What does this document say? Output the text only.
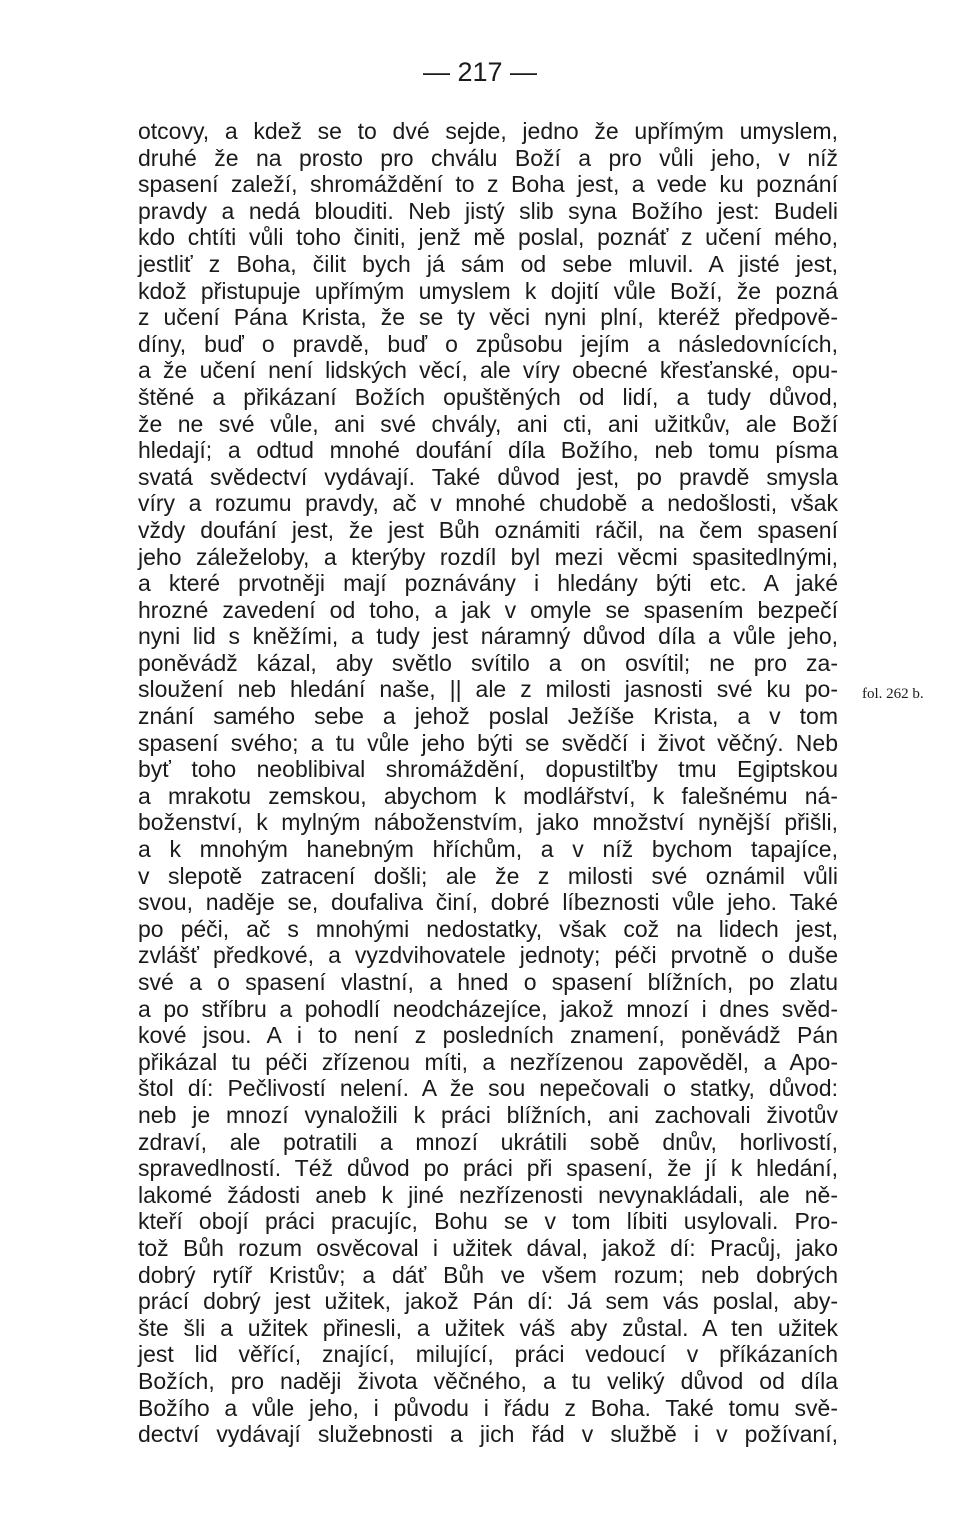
— 217 —
otcovy, a kdež se to dvé sejde, jedno že upřímým umyslem,
druhé že na prosto pro chválu Boží a pro vůli jeho, v níž
spasení zaleží, shromáždění to z Boha jest, a vede ku poznání
pravdy a nedá blouditi. Neb jistý slib syna Božího jest: Budeli
kdo chtíti vůli toho činiti, jenž mě poslal, poznáť z učení mého,
jestliť z Boha, čilit bych já sám od sebe mluvil. A jisté jest,
kdož přistupuje upřímým umyslem k dojití vůle Boží, že pozná
z učení Pána Krista, že se ty věci nyni plní, kteréž předpově-
díny, buď o pravdě, buď o způsobu jejím a následovnících,
a že učení není lidských věcí, ale víry obecné křesťanské, opu-
štěné a přikázaní Božích opuštěných od lidí, a tudy důvod,
že ne své vůle, ani své chvály, ani cti, ani užitkův, ale Boží
hledají; a odtud mnohé doufání díla Božího, neb tomu písma
svatá svědectví vydávají. Také důvod jest, po pravdě smysla
víry a rozumu pravdy, ač v mnohé chudobě a nedošlosti, však
vždy doufání jest, že jest Bůh oznámiti ráčil, na čem spasení
jeho záleželoby, a kterýby rozdíl byl mezi věcmi spasitedlnými,
a které prvotněji mají poznávány i hledány býti etc. A jaké
hrozné zavedení od toho, a jak v omyle se spasením bezpečí
nyni lid s kněžími, a tudy jest náramný důvod díla a vůle jeho,
poněvádž kázal, aby světlo svítilo a on osvítil; ne pro za-
sloužení neb hledání naše, || ale z milosti jasnosti své ku po-
znání samého sebe a jehož poslal Ježíše Krista, a v tom
spasení svého; a tu vůle jeho býti se svědčí i život věčný. Neb
byť toho neoblibival shromáždění, dopustilťby tmu Egiptskou
a mrakotu zemskou, abychom k modlářství, k falešnému ná-
boženství, k mylným náboženstvím, jako množství nynější přišli,
a k mnohým hanebným hříchům, a v níž bychom tapajíce,
v slepotě zatracení došli; ale že z milosti své oznámil vůli
svou, naděje se, doufaliva činí, dobré líbeznosti vůle jeho. Také
po péči, ač s mnohými nedostatky, však což na lidech jest,
zvlášť předkové, a vyzdvihovatele jednoty; péči prvotně o duše
své a o spasení vlastní, a hned o spasení blížních, po zlatu
a po stříbru a pohodlí neodcházejíce, jakož mnozí i dnes svěd-
kové jsou. A i to není z posledních znamení, poněvádž Pán
přikázal tu péči zřízenou míti, a nezřízenou zapověděl, a Apo-
štol dí: Pečlivostí nelení. A že sou nepečovali o statky, důvod:
neb je mnozí vynaložili k práci blížních, ani zachovali životův
zdraví, ale potratili a mnozí ukrátili sobě dnův, horlivostí,
spravedlností. Též důvod po práci při spasení, že jí k hledání,
lakomé žádosti aneb k jiné nezřízenosti nevynakládali, ale ně-
kteří obojí práci pracujíc, Bohu se v tom líbiti usylovali. Pro-
tož Bůh rozum osvěcoval i užitek dával, jakož dí: Pracůj, jako
dobrý rytíř Kristův; a dáť Bůh ve všem rozum; neb dobrých
prácí dobrý jest užitek, jakož Pán dí: Já sem vás poslal, aby-
šte šli a užitek přinesli, a užitek váš aby zůstal. A ten užitek
jest lid věřící, znající, milující, práci vedoucí v příkázaních
Božích, pro naději života věčného, a tu veliký důvod od díla
Božího a vůle jeho, i původu i řádu z Boha. Také tomu svě-
dectví vydávají služebnosti a jich řád v službě i v požívaní,
fol. 262 b.
